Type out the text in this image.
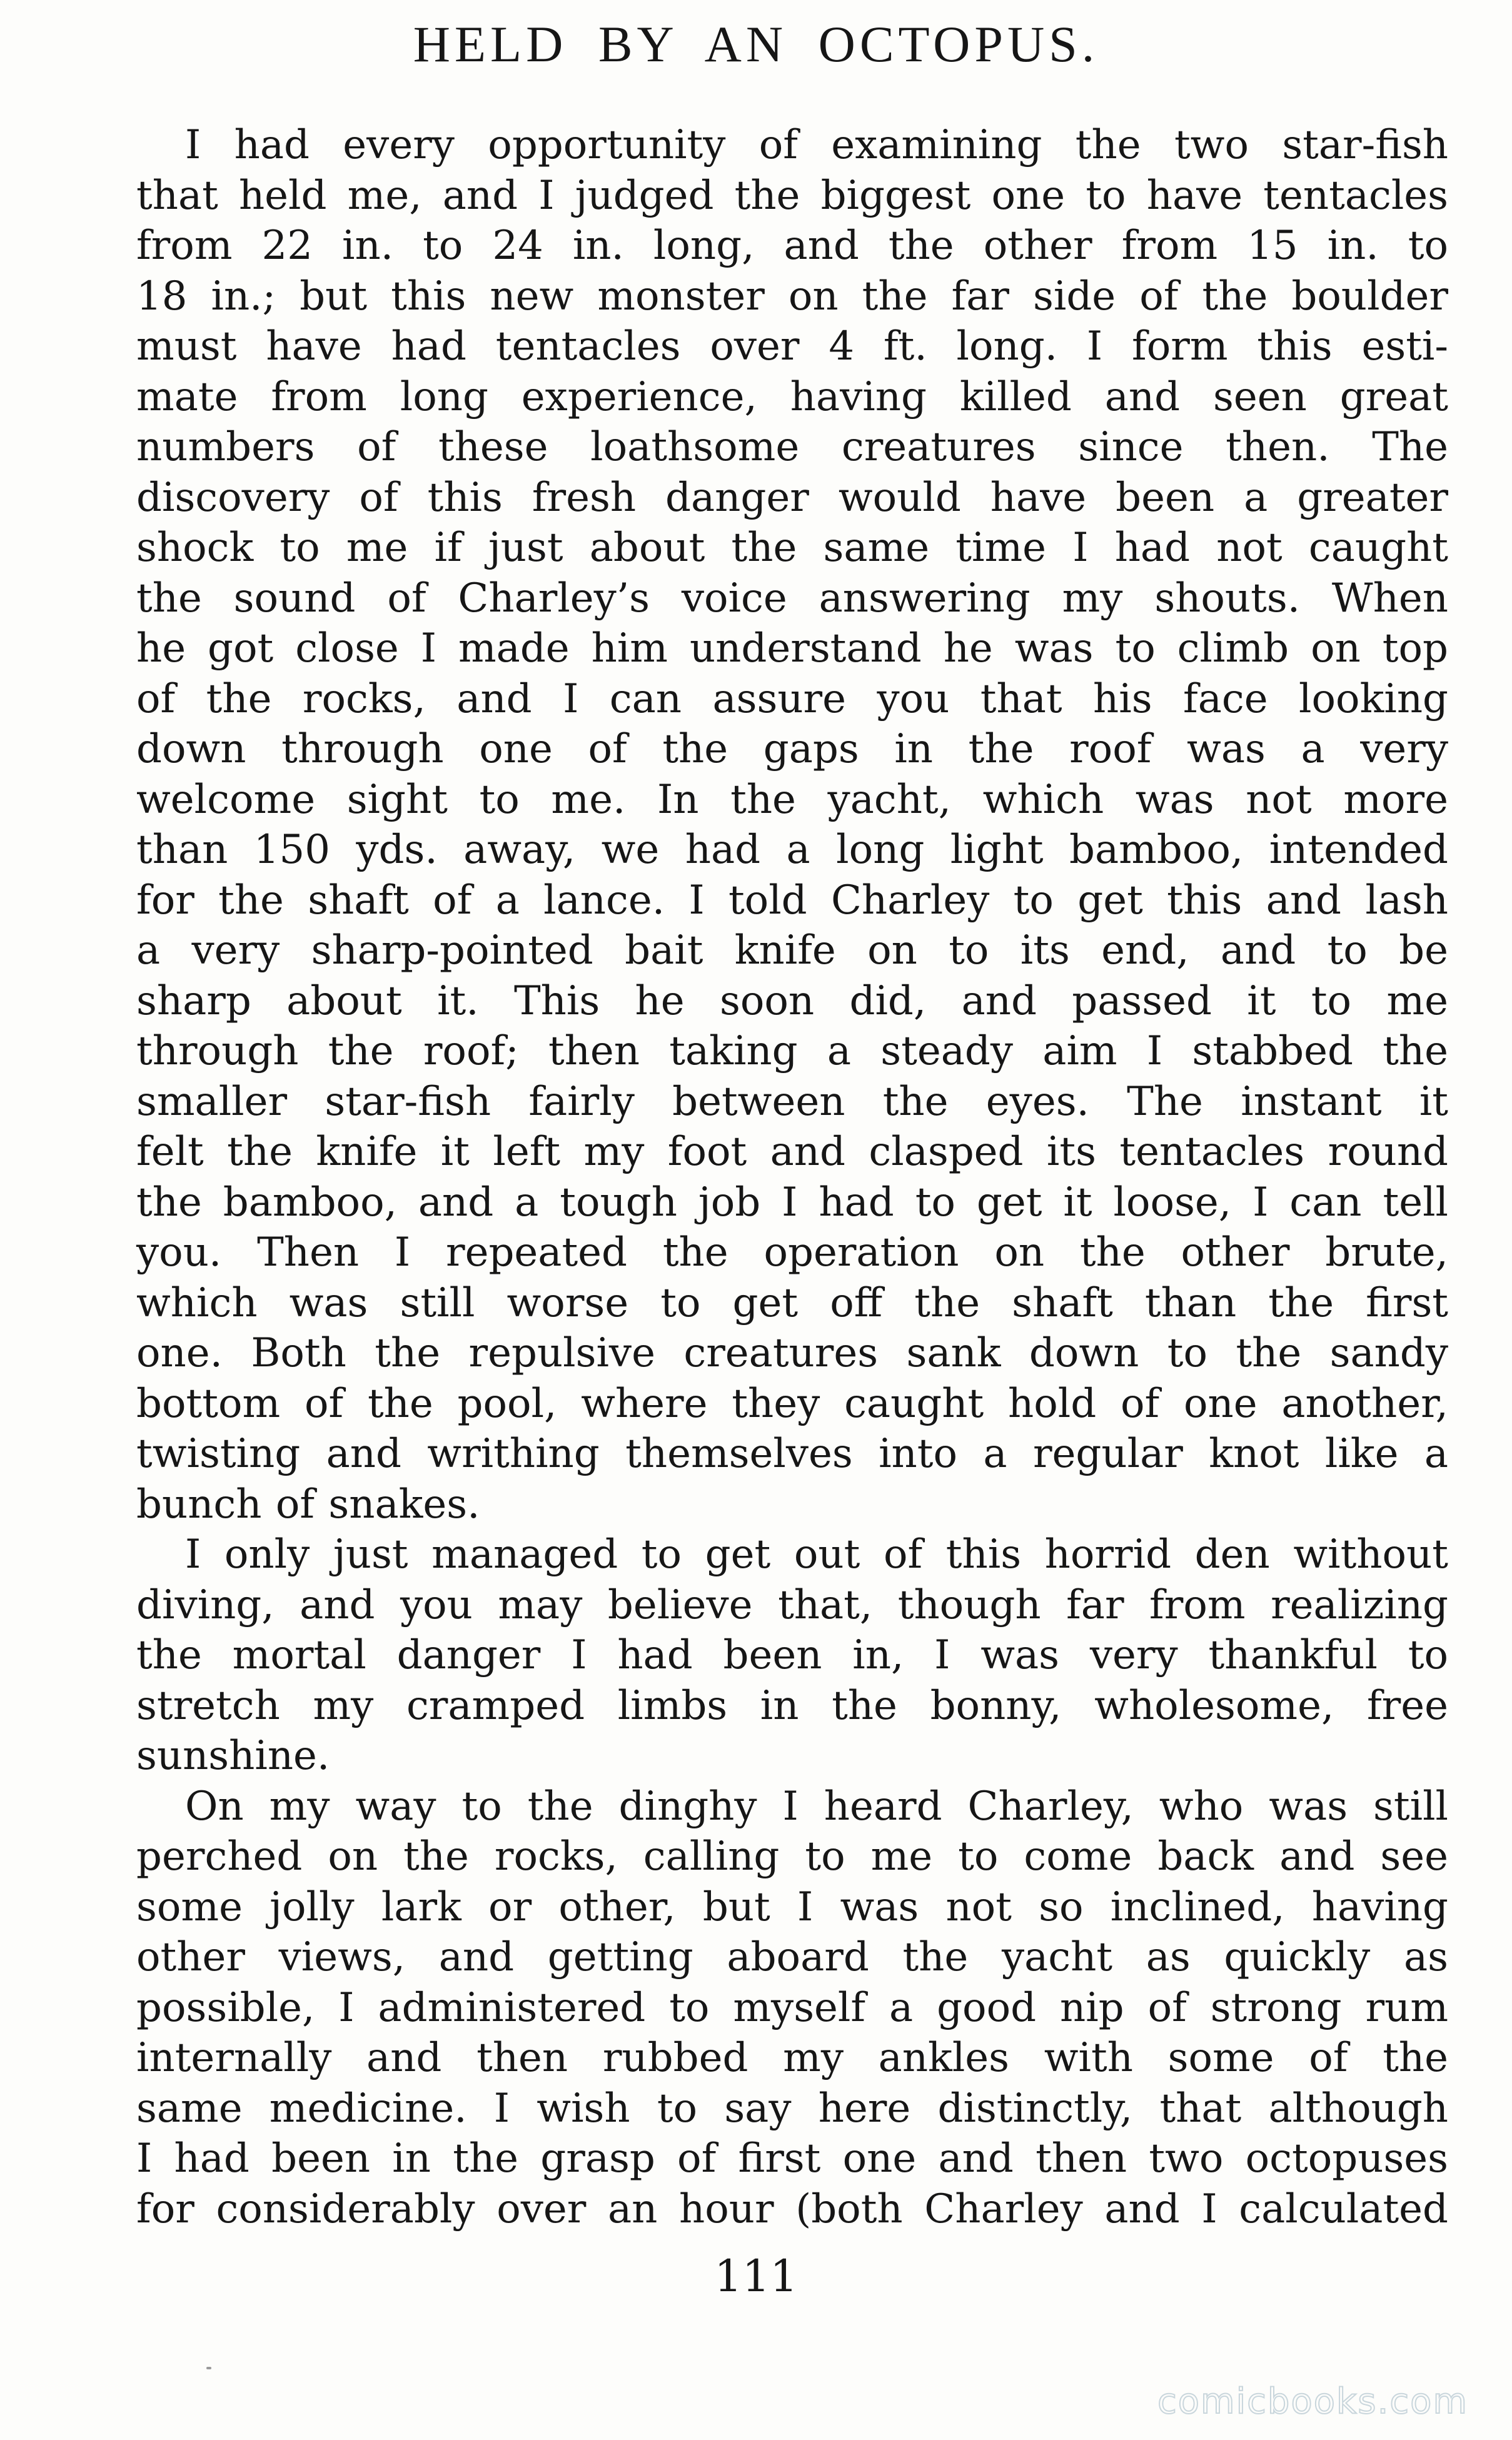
HELD BY AN OCTOPUS.
I had every opportunity of examining the two star-fish
that held me, and I judged the biggest one to have tentacles
from 22 in. to 24 in. long, and the other from 15 in. to
18 in.; but this new monster on the far side of the boulder
must have had tentacles over 4 ft. long. I form this esti-
mate from long experience, having killed and seen great
numbers of these loathsome creatures since then. The
discovery of this fresh danger would have been a greater
shock to me if just about the same time I had not caught
the sound of Charley’s voice answering my shouts. When
he got close I made him understand he was to climb on top
of the rocks, and I can assure you that his face looking
down through one of the gaps in the roof was a very
welcome sight to me. In the yacht, which was not more
than 150 yds. away, we had a long light bamboo, intended
for the shaft of a lance. I told Charley to get this and lash
a very sharp-pointed bait knife on to its end, and to be
sharp about it. This he soon did, and passed it to me
through the roof; then taking a steady aim I stabbed the
smaller star-fish fairly between the eyes. The instant it
felt the knife it left my foot and clasped its tentacles round
the bamboo, and a tough job I had to get it loose, I can tell
you. Then I repeated the operation on the other brute,
which was still worse to get off the shaft than the first
one. Both the repulsive creatures sank down to the sandy
bottom of the pool, where they caught hold of one another,
twisting and writhing themselves into a regular knot like a
bunch of snakes.
I only just managed to get out of this horrid den without
diving, and you may believe that, though far from realizing
the mortal danger I had been in, I was very thankful to
stretch my cramped limbs in the bonny, wholesome, free
sunshine.
On my way to the dinghy I heard Charley, who was still
perched on the rocks, calling to me to come back and see
some jolly lark or other, but I was not so inclined, having
other views, and getting aboard the yacht as quickly as
possible, I administered to myself a good nip of strong rum
internally and then rubbed my ankles with some of the
same medicine. I wish to say here distinctly, that although
I had been in the grasp of first one and then two octopuses
for considerably over an hour (both Charley and I calculated
111
comicbooks.com
